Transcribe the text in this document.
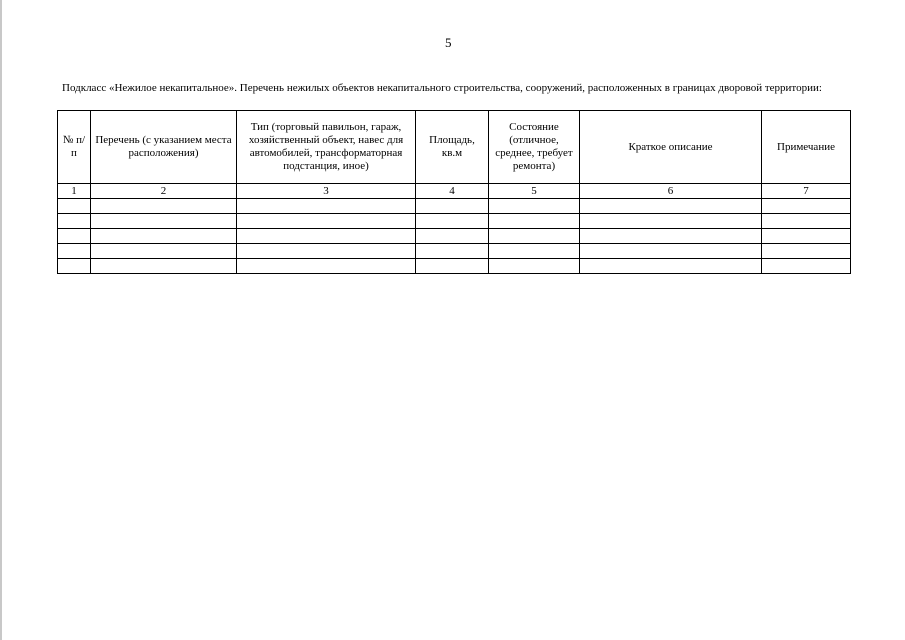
5
Подкласс «Нежилое некапитальное». Перечень нежилых объектов некапитального строительства, сооружений, расположенных в границах дворовой территории:
№ п/п	Перечень (с указанием места расположения)	Тип (торговый павильон, гараж, хозяйственный объект, навес для автомобилей, трансформаторная подстанция, иное)	Площадь, кв.м	Состояние (отличное, среднее, требует ремонта)	Краткое описание	Примечание
1	2	3	4	5	6	7
